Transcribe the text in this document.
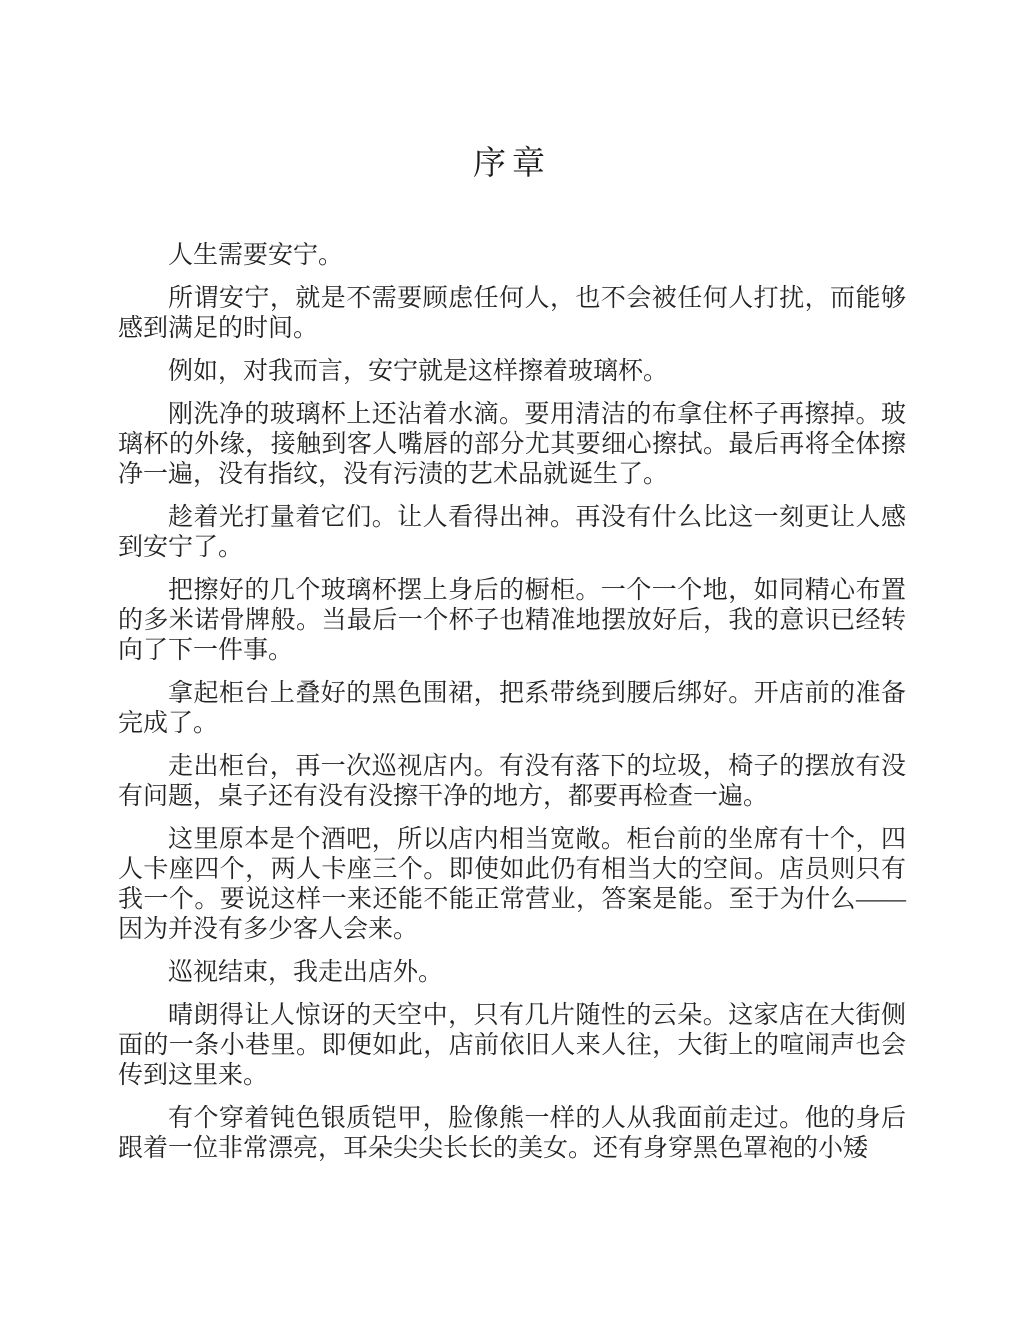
序章

人生需要安宁。

所谓安宁，就是不需要顾虑任何人，也不会被任何人打扰，而能够感到满足的时间。

例如，对我而言，安宁就是这样擦着玻璃杯。

刚洗净的玻璃杯上还沾着水滴。要用清洁的布拿住杯子再擦掉。玻璃杯的外缘，接触到客人嘴唇的部分尤其要细心擦拭。最后再将全体擦净一遍，没有指纹，没有污渍的艺术品就诞生了。

趁着光打量着它们。让人看得出神。再没有什么比这一刻更让人感到安宁了。

把擦好的几个玻璃杯摆上身后的橱柜。一个一个地，如同精心布置的多米诺骨牌般。当最后一个杯子也精准地摆放好后，我的意识已经转向了下一件事。

拿起柜台上叠好的黑色围裙，把系带绕到腰后绑好。开店前的准备完成了。

走出柜台，再一次巡视店内。有没有落下的垃圾，椅子的摆放有没有问题，桌子还有没有没擦干净的地方，都要再检查一遍。

这里原本是个酒吧，所以店内相当宽敞。柜台前的坐席有十个，四人卡座四个，两人卡座三个。即使如此仍有相当大的空间。店员则只有我一个。要说这样一来还能不能正常营业，答案是能。至于为什么——因为并没有多少客人会来。

巡视结束，我走出店外。

晴朗得让人惊讶的天空中，只有几片随性的云朵。这家店在大街侧面的一条小巷里。即便如此，店前依旧人来人往，大街上的喧闹声也会传到这里来。

有个穿着钝色银质铠甲，脸像熊一样的人从我面前走过。他的身后跟着一位非常漂亮，耳朵尖尖长长的美女。还有身穿黑色罩袍的小矮
